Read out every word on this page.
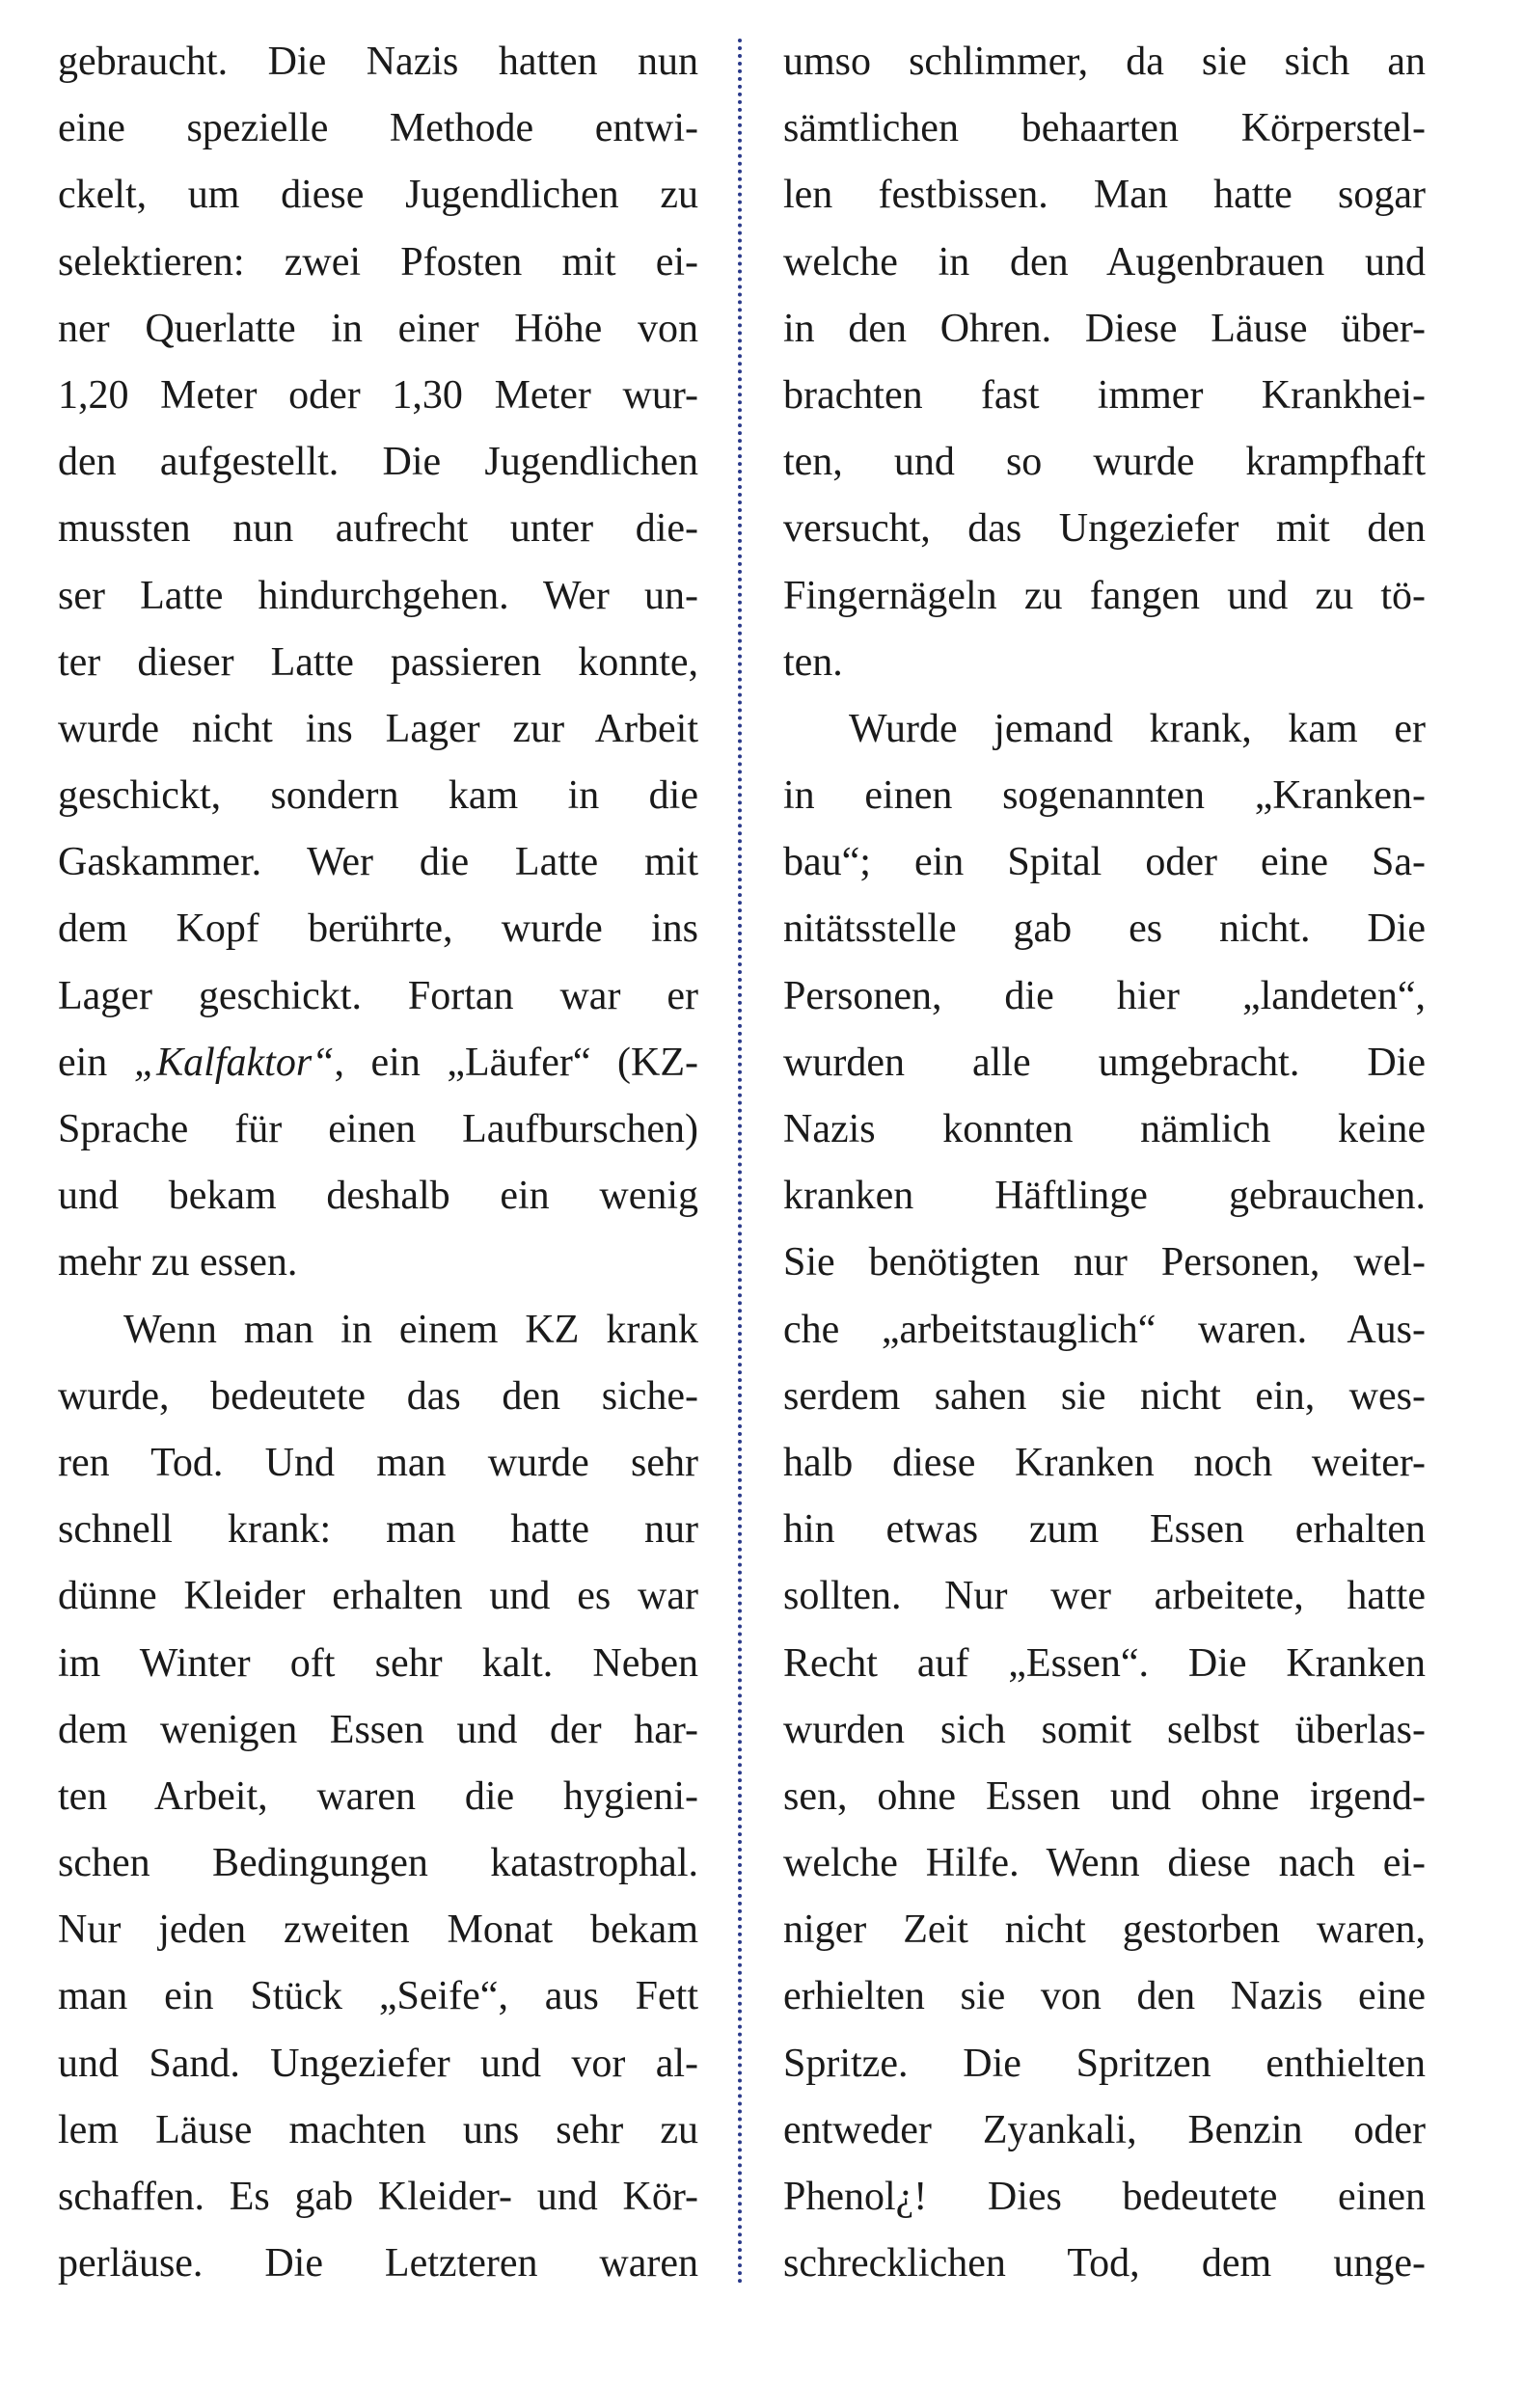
gebraucht. Die Nazis hatten nun
eine spezielle Methode entwi-
ckelt, um diese Jugendlichen zu
selektieren: zwei Pfosten mit ei-
ner Querlatte in einer Höhe von
1,20 Meter oder 1,30 Meter wur-
den aufgestellt. Die Jugendlichen
mussten nun aufrecht unter die-
ser Latte hindurchgehen. Wer un-
ter dieser Latte passieren konnte,
wurde nicht ins Lager zur Arbeit
geschickt, sondern kam in die
Gaskammer. Wer die Latte mit
dem Kopf berührte, wurde ins
Lager geschickt. Fortan war er
ein „Kalfaktor“, ein „Läufer“ (KZ-
Sprache für einen Laufburschen)
und bekam deshalb ein wenig
mehr zu essen.
Wenn man in einem KZ krank
wurde, bedeutete das den siche-
ren Tod. Und man wurde sehr
schnell krank: man hatte nur
dünne Kleider erhalten und es war
im Winter oft sehr kalt. Neben
dem wenigen Essen und der har-
ten Arbeit, waren die hygieni-
schen Bedingungen katastrophal.
Nur jeden zweiten Monat bekam
man ein Stück „Seife“, aus Fett
und Sand. Ungeziefer und vor al-
lem Läuse machten uns sehr zu
schaffen. Es gab Kleider- und Kör-
perläuse. Die Letzteren waren
umso schlimmer, da sie sich an
sämtlichen behaarten Körperstel-
len festbissen. Man hatte sogar
welche in den Augenbrauen und
in den Ohren. Diese Läuse über-
brachten fast immer Krankhei-
ten, und so wurde krampfhaft
versucht, das Ungeziefer mit den
Fingernägeln zu fangen und zu tö-
ten.
Wurde jemand krank, kam er
in einen sogenannten „Kranken-
bau“; ein Spital oder eine Sa-
nitätsstelle gab es nicht. Die
Personen, die hier „landeten“,
wurden alle umgebracht. Die
Nazis konnten nämlich keine
kranken Häftlinge gebrauchen.
Sie benötigten nur Personen, wel-
che „arbeitstauglich“ waren. Aus-
serdem sahen sie nicht ein, wes-
halb diese Kranken noch weiter-
hin etwas zum Essen erhalten
sollten. Nur wer arbeitete, hatte
Recht auf „Essen“. Die Kranken
wurden sich somit selbst überlas-
sen, ohne Essen und ohne irgend-
welche Hilfe. Wenn diese nach ei-
niger Zeit nicht gestorben waren,
erhielten sie von den Nazis eine
Spritze. Die Spritzen enthielten
entweder Zyankali, Benzin oder
Phenol¿! Dies bedeutete einen
schrecklichen Tod, dem unge-
